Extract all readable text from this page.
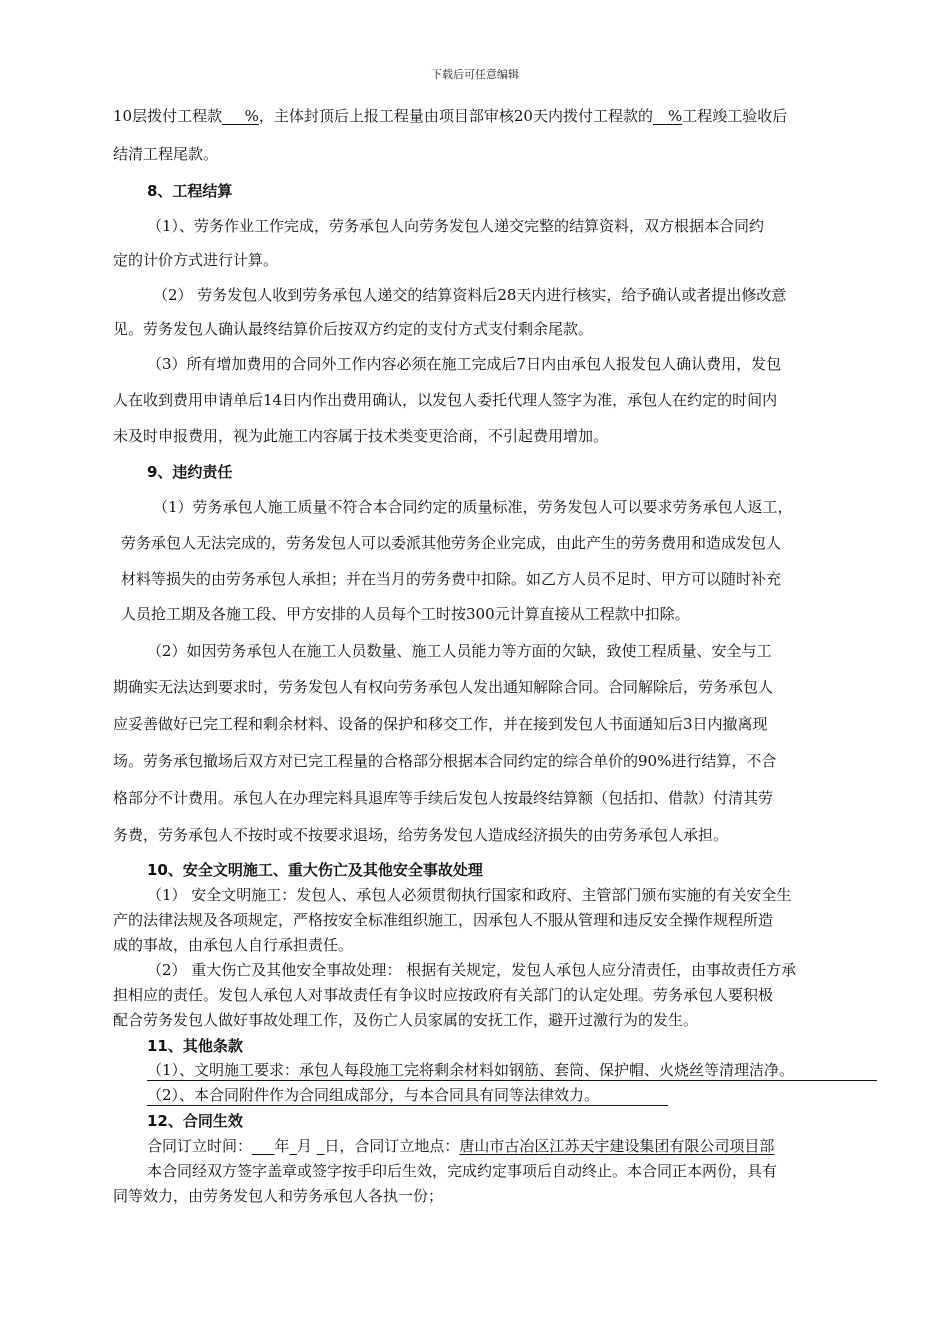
下载后可任意编辑
10层拨付工程款___%，主体封顶后上报工程量由项目部审核20天内拨付工程款的__%工程竣工验收后
结清工程尾款。
8、工程结算
（1）、劳务作业工作完成，劳务承包人向劳务发包人递交完整的结算资料，双方根据本合同约
定的计价方式进行计算。
（2） 劳务发包人收到劳务承包人递交的结算资料后28天内进行核实，给予确认或者提出修改意
见。劳务发包人确认最终结算价后按双方约定的支付方式支付剩余尾款。
（3）所有增加费用的合同外工作内容必须在施工完成后7日内由承包人报发包人确认费用，发包
人在收到费用申请单后14日内作出费用确认，以发包人委托代理人签字为准，承包人在约定的时间内
未及时申报费用，视为此施工内容属于技术类变更洽商，不引起费用增加。
9、违约责任
（1）劳务承包人施工质量不符合本合同约定的质量标准，劳务发包人可以要求劳务承包人返工，
劳务承包人无法完成的，劳务发包人可以委派其他劳务企业完成，由此产生的劳务费用和造成发包人
材料等损失的由劳务承包人承担；并在当月的劳务费中扣除。如乙方人员不足时、甲方可以随时补充
人员抢工期及各施工段、甲方安排的人员每个工时按300元计算直接从工程款中扣除。
（2）如因劳务承包人在施工人员数量、施工人员能力等方面的欠缺，致使工程质量、安全与工
期确实无法达到要求时，劳务发包人有权向劳务承包人发出通知解除合同。合同解除后，劳务承包人
应妥善做好已完工程和剩余材料、设备的保护和移交工作，并在接到发包人书面通知后3日内撤离现
场。劳务承包撤场后双方对已完工程量的合格部分根据本合同约定的综合单价的90%进行结算，不合
格部分不计费用。承包人在办理完料具退库等手续后发包人按最终结算额（包括扣、借款）付清其劳
务费，劳务承包人不按时或不按要求退场，给劳务发包人造成经济损失的由劳务承包人承担。
10、安全文明施工、重大伤亡及其他安全事故处理
（1） 安全文明施工：发包人、承包人必须贯彻执行国家和政府、主管部门颁布实施的有关安全生
产的法律法规及各项规定，严格按安全标准组织施工，因承包人不服从管理和违反安全操作规程所造
成的事故，由承包人自行承担责任。
（2） 重大伤亡及其他安全事故处理： 根据有关规定，发包人承包人应分清责任，由事故责任方承
担相应的责任。发包人承包人对事故责任有争议时应按政府有关部门的认定处理。劳务承包人要积极
配合劳务发包人做好事故处理工作，及伤亡人员家属的安抚工作，避开过激行为的发生。
11、其他条款
（1）、文明施工要求：承包人每段施工完将剩余材料如钢筋、套筒、保护帽、火烧丝等清理洁净。
（2）、本合同附件作为合同组成部分，与本合同具有同等法律效力。
12、合同生效
合同订立时间：___年_月 _日，合同订立地点：唐山市古冶区江苏天宇建设集团有限公司项目部
本合同经双方签字盖章或签字按手印后生效，完成约定事项后自动终止。本合同正本两份，具有
同等效力，由劳务发包人和劳务承包人各执一份；
